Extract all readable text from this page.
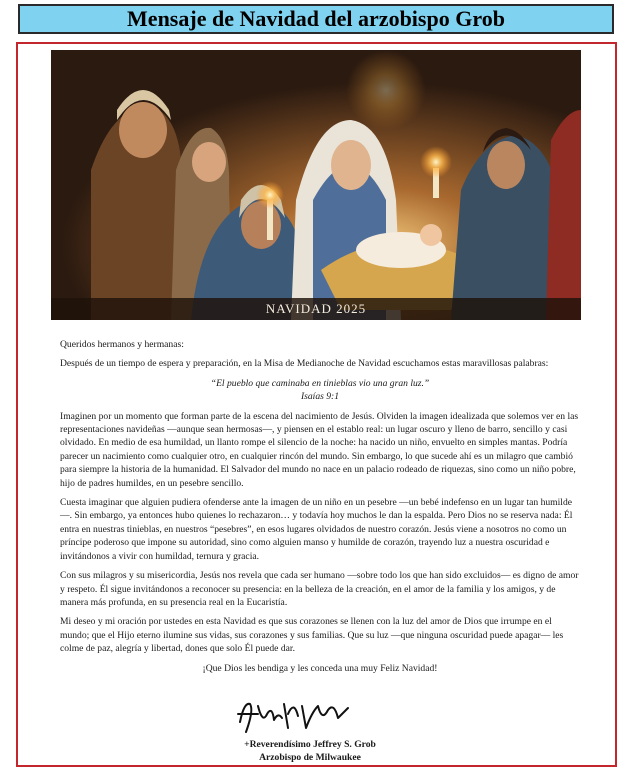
Mensaje de Navidad del arzobispo Grob
NAVIDAD 2025

Queridos hermanos y hermanas:

Después de un tiempo de espera y preparación, en la Misa de Medianoche de Navidad escuchamos estas maravillosas palabras:

“El pueblo que caminaba en tinieblas vio una gran luz.”
Isaías 9:1

Imaginen por un momento que forman parte de la escena del nacimiento de Jesús. Olviden la imagen idealizada que solemos ver en las representaciones navideñas —aunque sean hermosas—, y piensen en el establo real: un lugar oscuro y lleno de barro, sencillo y casi olvidado. En medio de esa humildad, un llanto rompe el silencio de la noche: ha nacido un niño, envuelto en simples mantas. Podría parecer un nacimiento como cualquier otro, en cualquier rincón del mundo. Sin embargo, lo que sucede ahí es un milagro que cambió para siempre la historia de la humanidad. El Salvador del mundo no nace en un palacio rodeado de riquezas, sino como un niño pobre, hijo de padres humildes, en un pesebre sencillo.

Cuesta imaginar que alguien pudiera ofenderse ante la imagen de un niño en un pesebre —un bebé indefenso en un lugar tan humilde—. Sin embargo, ya entonces hubo quienes lo rechazaron… y todavía hoy muchos le dan la espalda. Pero Dios no se reserva nada: Él entra en nuestras tinieblas, en nuestros “pesebres”, en esos lugares olvidados de nuestro corazón. Jesús viene a nosotros no como un príncipe poderoso que impone su autoridad, sino como alguien manso y humilde de corazón, trayendo luz a nuestra oscuridad e invitándonos a vivir con humildad, ternura y gracia.

Con sus milagros y su misericordia, Jesús nos revela que cada ser humano —sobre todo los que han sido excluidos— es digno de amor y respeto. Él sigue invitándonos a reconocer su presencia: en la belleza de la creación, en el amor de la familia y los amigos, y de manera más profunda, en su presencia real en la Eucaristía.

Mi deseo y mi oración por ustedes en esta Navidad es que sus corazones se llenen con la luz del amor de Dios que irrumpe en el mundo; que el Hijo eterno ilumine sus vidas, sus corazones y sus familias. Que su luz —que ninguna oscuridad puede apagar— les colme de paz, alegría y libertad, dones que solo Él puede dar.

¡Que Dios les bendiga y les conceda una muy Feliz Navidad!

+Reverendísimo Jeffrey S. Grob
Arzobispo de Milwaukee
